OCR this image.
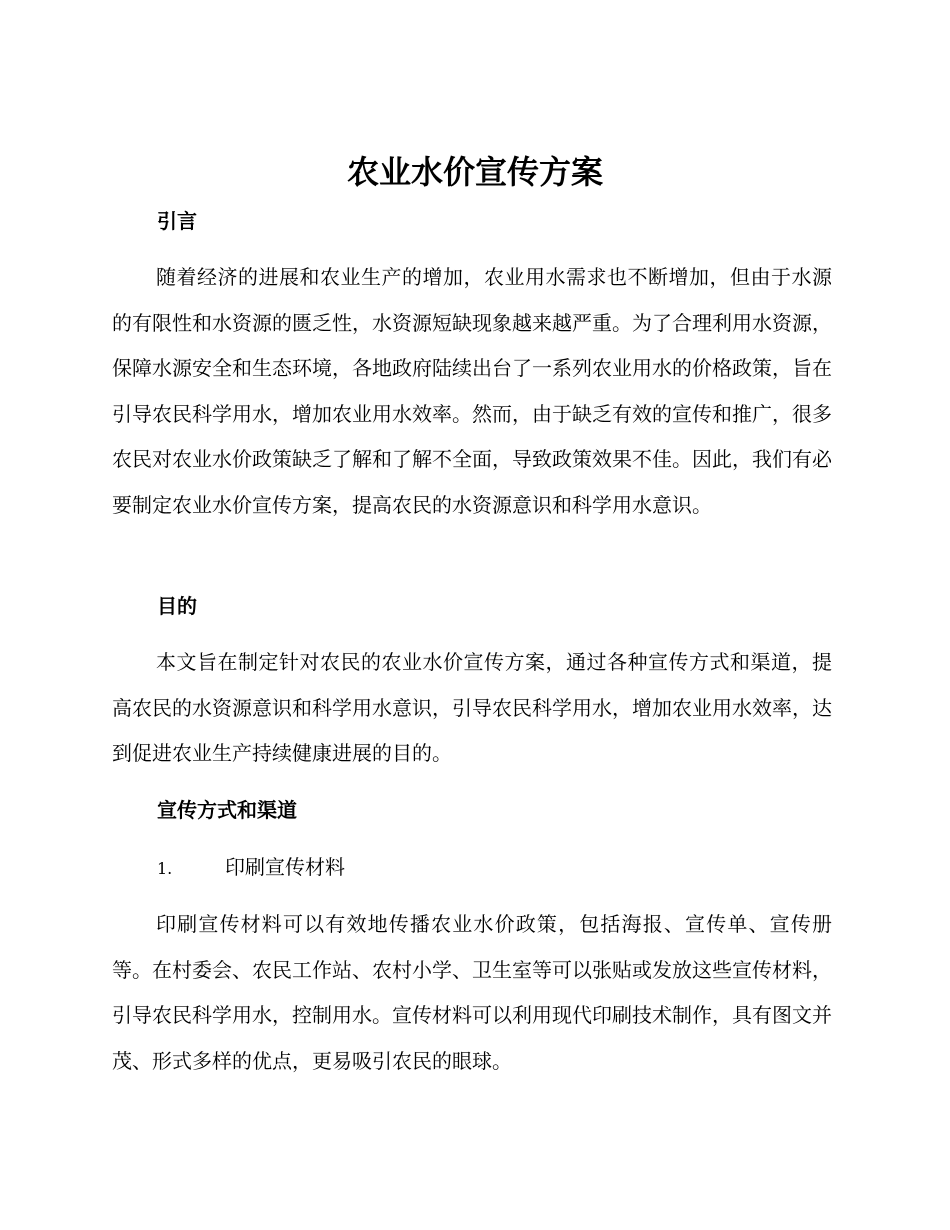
农业水价宣传方案
引言

随着经济的进展和农业生产的增加，农业用水需求也不断增加，但由于水源的有限性和水资源的匮乏性，水资源短缺现象越来越严重。为了合理利用水资源，保障水源安全和生态环境，各地政府陆续出台了一系列农业用水的价格政策，旨在引导农民科学用水，增加农业用水效率。然而，由于缺乏有效的宣传和推广，很多农民对农业水价政策缺乏了解和了解不全面，导致政策效果不佳。因此，我们有必要制定农业水价宣传方案，提高农民的水资源意识和科学用水意识。

目的

本文旨在制定针对农民的农业水价宣传方案，通过各种宣传方式和渠道，提高农民的水资源意识和科学用水意识，引导农民科学用水，增加农业用水效率，达到促进农业生产持续健康进展的目的。

宣传方式和渠道
1.	印刷宣传材料

印刷宣传材料可以有效地传播农业水价政策，包括海报、宣传单、宣传册等。在村委会、农民工作站、农村小学、卫生室等可以张贴或发放这些宣传材料，引导农民科学用水，控制用水。宣传材料可以利用现代印刷技术制作，具有图文并茂、形式多样的优点，更易吸引农民的眼球。
